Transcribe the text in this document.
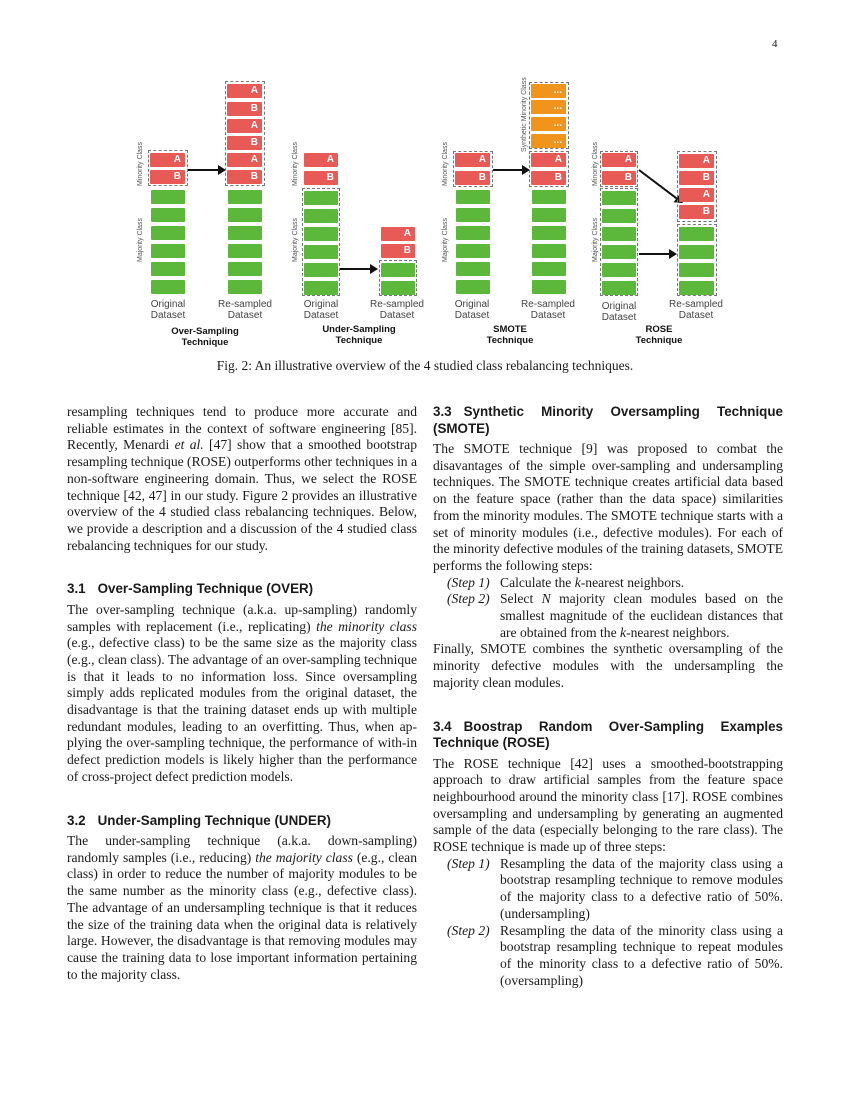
4
Minority Class
Majority Class
A
B
A
B
A
B
A
B
Original
Dataset
Re-sampled
Dataset
Over-Sampling
Technique
Minority Class
Majority Class
A
B
A
B
Original
Dataset
Re-sampled
Dataset
Under-Sampling
Technique
Minority Class
Majority Class
A
B
Synthetic Minority Class	...
...
...
...
A
B
Original
Dataset
Re-sampled
Dataset
SMOTE
Technique
Minority Class
Majority Class
A
B
A
B
A
B
Original
Dataset
Re-sampled
Dataset
ROSE
Technique
Fig. 2: An illustrative overview of the 4 studied class rebalancing techniques.

resampling techniques tend to produce more accurate and reliable estimates in the context of software engineering [85]. Recently, Menardi et al. [47] show that a smoothed bootstrap resampling technique (ROSE) outperforms other techniques in a non-software engineering domain. Thus, we select the ROSE technique [42, 47] in our study. Figure 2 provides an illustrative overview of the 4 studied class rebalancing techniques. Below, we provide a description and a discussion of the 4 studied class rebalancing techniques for our study.

3.1 Over-Sampling Technique (OVER)

The over-sampling technique (a.k.a. up-sampling) randomly samples with replacement (i.e., replicating) the minority class (e.g., defective class) to be the same size as the majority class (e.g., clean class). The advantage of an over-sampling technique is that it leads to no information loss. Since oversampling simply adds replicated modules from the original dataset, the disadvantage is that the training dataset ends up with multiple redundant modules, leading to an overfitting. Thus, when applying the over-sampling technique, the performance of with-in defect prediction models is likely higher than the performance of cross-project defect prediction models.

3.2 Under-Sampling Technique (UNDER)

The under-sampling technique (a.k.a. down-sampling) randomly samples (i.e., reducing) the majority class (e.g., clean class) in order to reduce the number of majority modules to be the same number as the minority class (e.g., defective class). The advantage of an undersampling technique is that it reduces the size of the training data when the original data is relatively large. However, the disadvantage is that removing modules may cause the training data to lose important information pertaining to the majority class.

3.3 Synthetic Minority Oversampling Technique (SMOTE)

The SMOTE technique [9] was proposed to combat the disavantages of the simple over-sampling and undersampling techniques. The SMOTE technique creates artificial data based on the feature space (rather than the data space) similarities from the minority modules. The SMOTE technique starts with a set of minority modules (i.e., defective modules). For each of the minority defective modules of the training datasets, SMOTE performs the following steps:

(Step 1) Calculate the k-nearest neighbors.
(Step 2) Select N majority clean modules based on the smallest magnitude of the euclidean distances that are obtained from the k-nearest neighbors.

Finally, SMOTE combines the synthetic oversampling of the minority defective modules with the undersampling the majority clean modules.

3.4 Boostrap Random Over-Sampling Examples Technique (ROSE)

The ROSE technique [42] uses a smoothed-bootstrapping approach to draw artificial samples from the feature space neighbourhood around the minority class [17]. ROSE combines oversampling and undersampling by generating an augmented sample of the data (especially belonging to the rare class). The ROSE technique is made up of three steps:

(Step 1) Resampling the data of the majority class using a bootstrap resampling technique to remove modules of the majority class to a defective ratio of 50%. (undersampling)
(Step 2) Resampling the data of the minority class using a bootstrap resampling technique to repeat modules of the minority class to a defective ratio of 50%. (oversampling)
